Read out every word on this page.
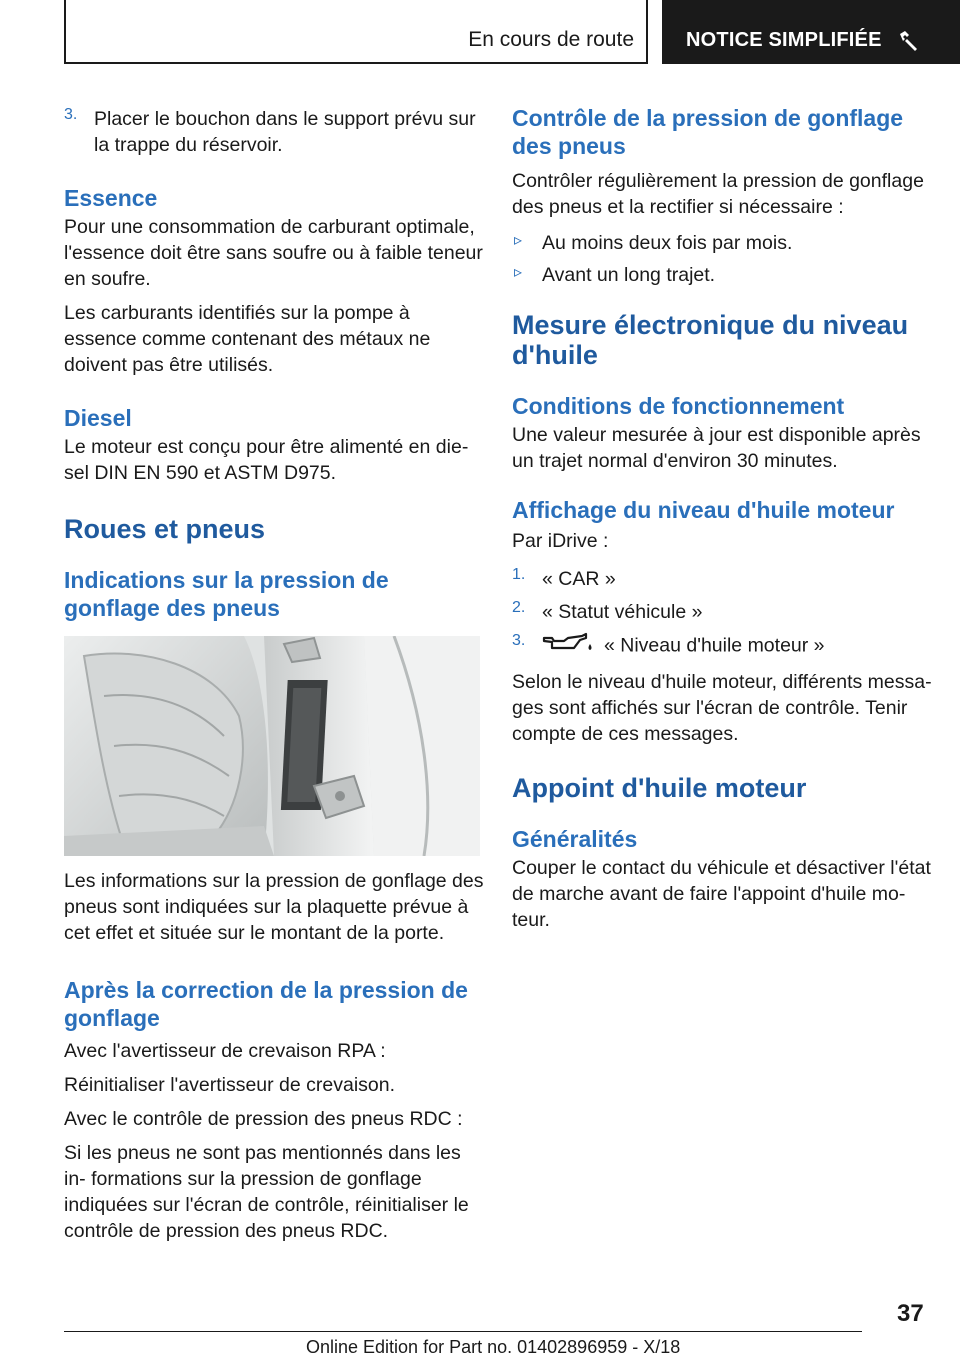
En cours de route	NOTICE SIMPLIFIÉE
3. Placer le bouchon dans le support prévu sur la trappe du réservoir.

Essence

Pour une consommation de carburant optimale, l'essence doit être sans soufre ou à faible teneur en soufre.

Les carburants identifiés sur la pompe à essence comme contenant des métaux ne doivent pas être utilisés.

Diesel

Le moteur est conçu pour être alimenté en die‐ sel DIN EN 590 et ASTM D975.

Roues et pneus
Indications sur la pression de gonflage des pneus

Les informations sur la pression de gonflage des pneus sont indiquées sur la plaquette prévue à cet effet et située sur le montant de la porte.

Après la correction de la pression de gonflage

Avec l'avertisseur de crevaison RPA :

Réinitialiser l'avertisseur de crevaison.

Avec le contrôle de pression des pneus RDC :

Si les pneus ne sont pas mentionnés dans les in‐ formations sur la pression de gonflage indiquées sur l'écran de contrôle, réinitialiser le contrôle de pression des pneus RDC.

Contrôle de la pression de gonflage des pneus

Contrôler régulièrement la pression de gonflage des pneus et la rectifier si nécessaire :

▹ Au moins deux fois par mois.

▹ Avant un long trajet.

Mesure électronique du niveau d'huile
Conditions de fonctionnement

Une valeur mesurée à jour est disponible après un trajet normal d'environ 30 minutes.

Affichage du niveau d'huile moteur

Par iDrive :

1. « CAR »

2. « Statut véhicule »

3.	« Niveau d'huile moteur »

Selon le niveau d'huile moteur, différents messa‐ ges sont affichés sur l'écran de contrôle. Tenir compte de ces messages.

Appoint d'huile moteur
Généralités

Couper le contact du véhicule et désactiver l'état de marche avant de faire l'appoint d'huile mo‐ teur.

37
Online Edition for Part no. 01402896959 - X/18
